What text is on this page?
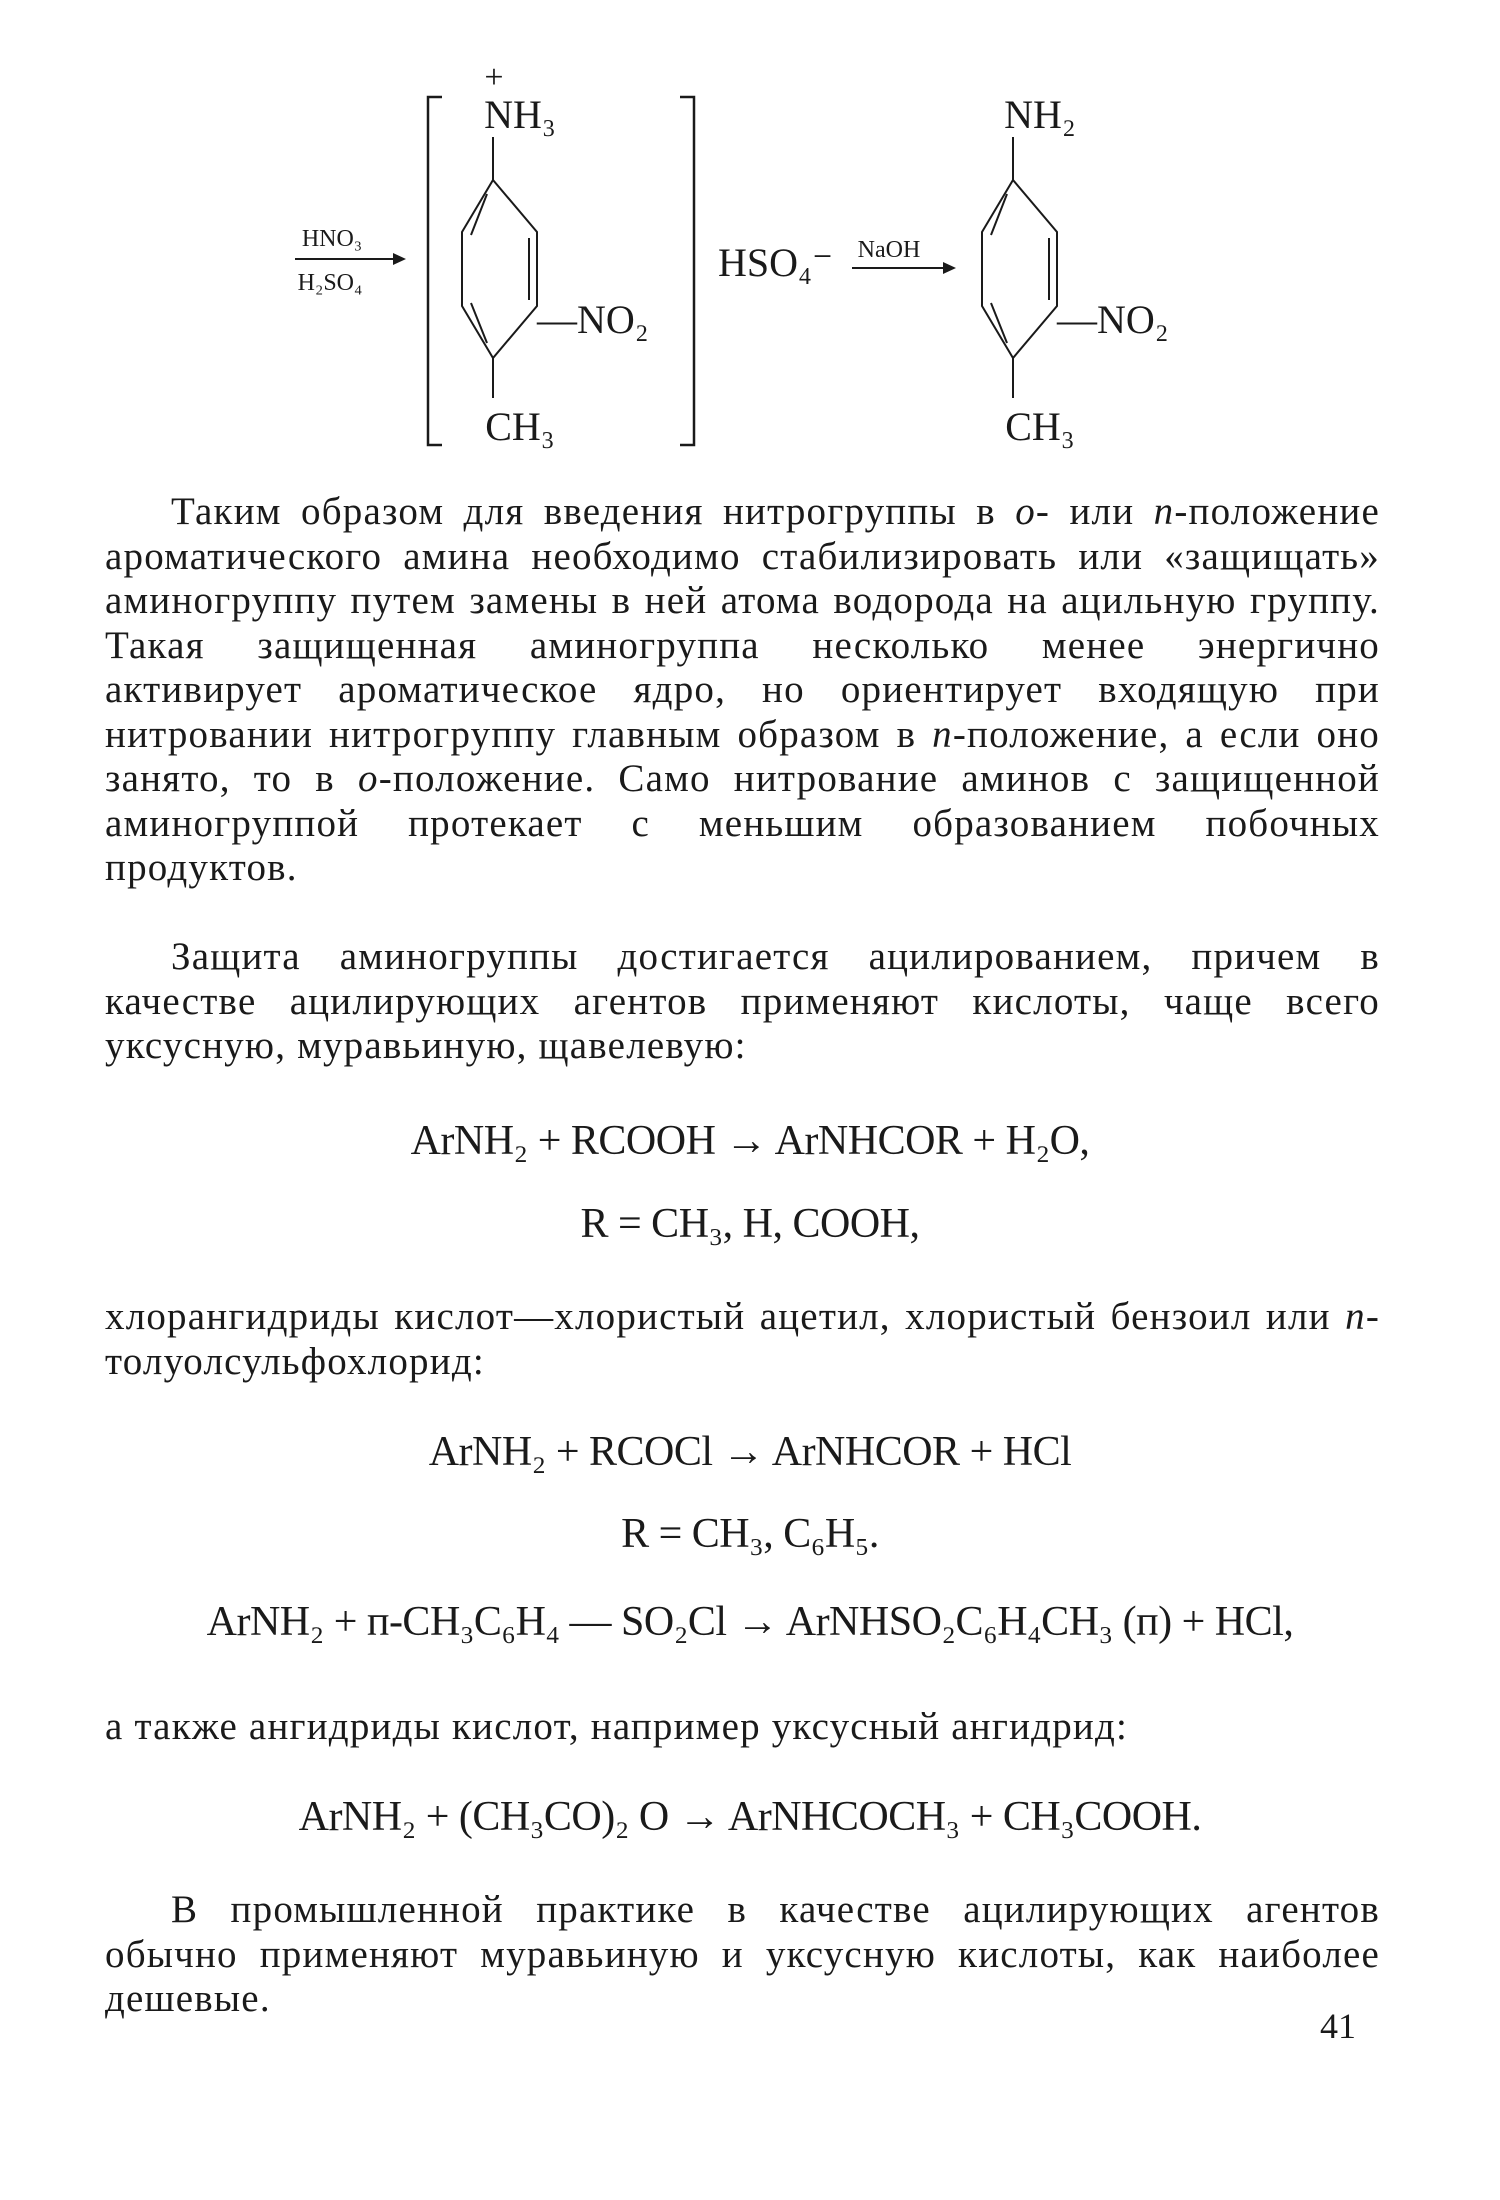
HNO₃
H₂SO₄
+
NH₃
—NO₂
CH₃
HSO₄⁻ NaOH
NH₂
—NO₂
CH₃

Таким образом для введения нитрогруппы в о- или п-положение ароматического амина необходимо стабилизировать или «защищать» аминогруппу путем замены в ней атома водорода на ацильную группу. Такая защищенная аминогруппа несколько менее энергично активирует ароматическое ядро, но ориентирует входящую при нитровании нитрогруппу главным образом в п-положение, а если оно занято, то в о-положение. Само нитрование аминов с защищенной аминогруппой протекает с меньшим образованием побочных продуктов.

Защита аминогруппы достигается ацилированием, причем в качестве ацилирующих агентов применяют кислоты, чаще всего уксусную, муравьиную, щавелевую:

ArNH₂ + RCOOH → ArNHCOR + H₂O,
R = CH₃, H, COOH,

хлорангидриды кислот—хлористый ацетил, хлористый бензоил или п-толуолсульфохлорид:

ArNH₂ + RCOCl → ArNHCOR + HCl
R = CH₃, C₆H₅.
ArNH₂ + п-CH₃C₆H₄ — SO₂Cl → ArNHSO₂C₆H₄CH₃ (п) + HCl,

а также ангидриды кислот, например уксусный ангидрид:

ArNH₂ + (CH₃CO)₂ O → ArNHCOCH₃ + CH₃COOH.

В промышленной практике в качестве ацилирующих агентов обычно применяют муравьиную и уксусную кислоты, как наиболее дешевые.

41
